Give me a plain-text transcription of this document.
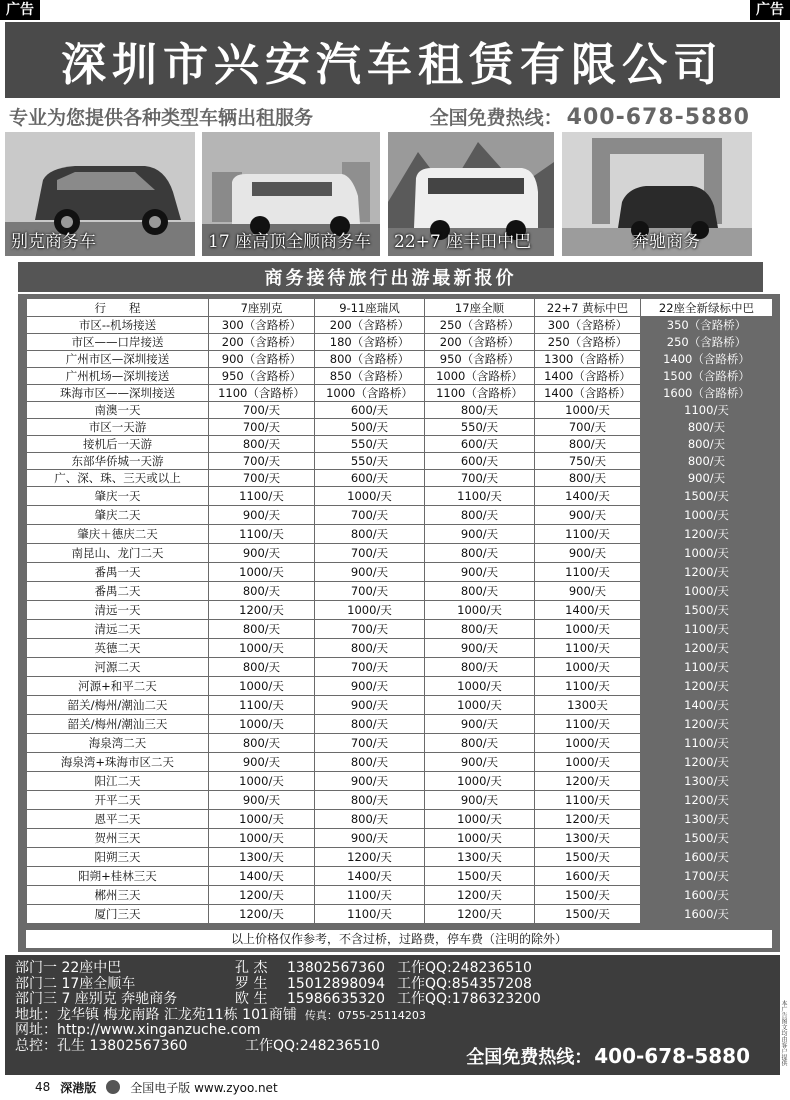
广告	广告
深圳市兴安汽车租赁有限公司
专业为您提供各种类型车辆出租服务	全国免费热线： 400-678-5880
别克商务车	17 座高顶全顺商务车 22+7 座丰田中巴	奔驰商务
商务接待旅行出游最新报价
行　　程	7座别克	9-11座瑞风	17座全顺	22+7 黄标中巴	22座全新绿标中巴
市区--机场接送	300（含路桥）	200（含路桥）	250（含路桥）	300（含路桥）	350（含路桥）
市区——口岸接送	200（含路桥）	180（含路桥）	200（含路桥）	250（含路桥）	250（含路桥）
广州市区—深圳接送	900（含路桥）	800（含路桥）	950（含路桥）	1300（含路桥）	1400（含路桥）
广州机场—深圳接送	950（含路桥）	850（含路桥）	1000（含路桥）	1400（含路桥）	1500（含路桥）
珠海市区——深圳接送	1100（含路桥）	1000（含路桥）	1100（含路桥）	1400（含路桥）	1600（含路桥）
南澳一天	700/天	600/天	800/天	1000/天	1100/天
市区一天游	700/天	500/天	550/天	700/天	800/天
接机后一天游	800/天	550/天	600/天	800/天	800/天
东部华侨城一天游	700/天	550/天	600/天	750/天	800/天
广、深、珠、三天或以上	700/天	600/天	700/天	800/天	900/天
肇庆一天	1100/天	1000/天	1100/天	1400/天	1500/天
肇庆二天	900/天	700/天	800/天	900/天	1000/天
肇庆＋德庆二天	1100/天	800/天	900/天	1100/天	1200/天
南昆山、龙门二天	900/天	700/天	800/天	900/天	1000/天
番禺一天	1000/天	900/天	900/天	1100/天	1200/天
番禺二天	800/天	700/天	800/天	900/天	1000/天
清远一天	1200/天	1000/天	1000/天	1400/天	1500/天
清远二天	800/天	700/天	800/天	1000/天	1100/天
英德二天	1000/天	800/天	900/天	1100/天	1200/天
河源二天	800/天	700/天	800/天	1000/天	1100/天
河源+和平二天	1000/天	900/天	1000/天	1100/天	1200/天
韶关/梅州/潮汕二天	1100/天	900/天	1000/天	1300天	1400/天
韶关/梅州/潮汕三天	1000/天	800/天	900/天	1100/天	1200/天
海泉湾二天	800/天	700/天	800/天	1000/天	1100/天
海泉湾+珠海市区二天	900/天	800/天	900/天	1000/天	1200/天
阳江二天	1000/天	900/天	1000/天	1200/天	1300/天
开平二天	900/天	800/天	900/天	1100/天	1200/天
恩平二天	1000/天	800/天	1000/天	1200/天	1300/天
贺州三天	1000/天	900/天	1000/天	1300/天	1500/天
阳朔三天	1300/天	1200/天	1300/天	1500/天	1600/天
阳朔+桂林三天	1400/天	1400/天	1500/天	1600/天	1700/天
郴州三天	1200/天	1100/天	1200/天	1500/天	1600/天
厦门三天	1200/天	1100/天	1200/天	1500/天	1600/天
以上价格仅作参考，不含过桥，过路费，停车费（注明的除外）
部门一 22座中巴	孔 杰 13802567360 工作QQ:248236510
部门二 17座全顺车	罗 生 15012898094 工作QQ:854357208
部门三 7 座别克 奔驰商务	欧 生 15986635320 工作QQ:1786323200
地址：龙华镇 梅龙南路 汇龙苑11栋 101商铺 传真：0755-25114203
网址：http://www.xinganzuche.com
总控：孔生 13802567360	工作QQ:248236510
全国免费热线： 400-678-5880
48 深港版	全国电子版 www.zyoo.net
本广告图文均由客户提供
